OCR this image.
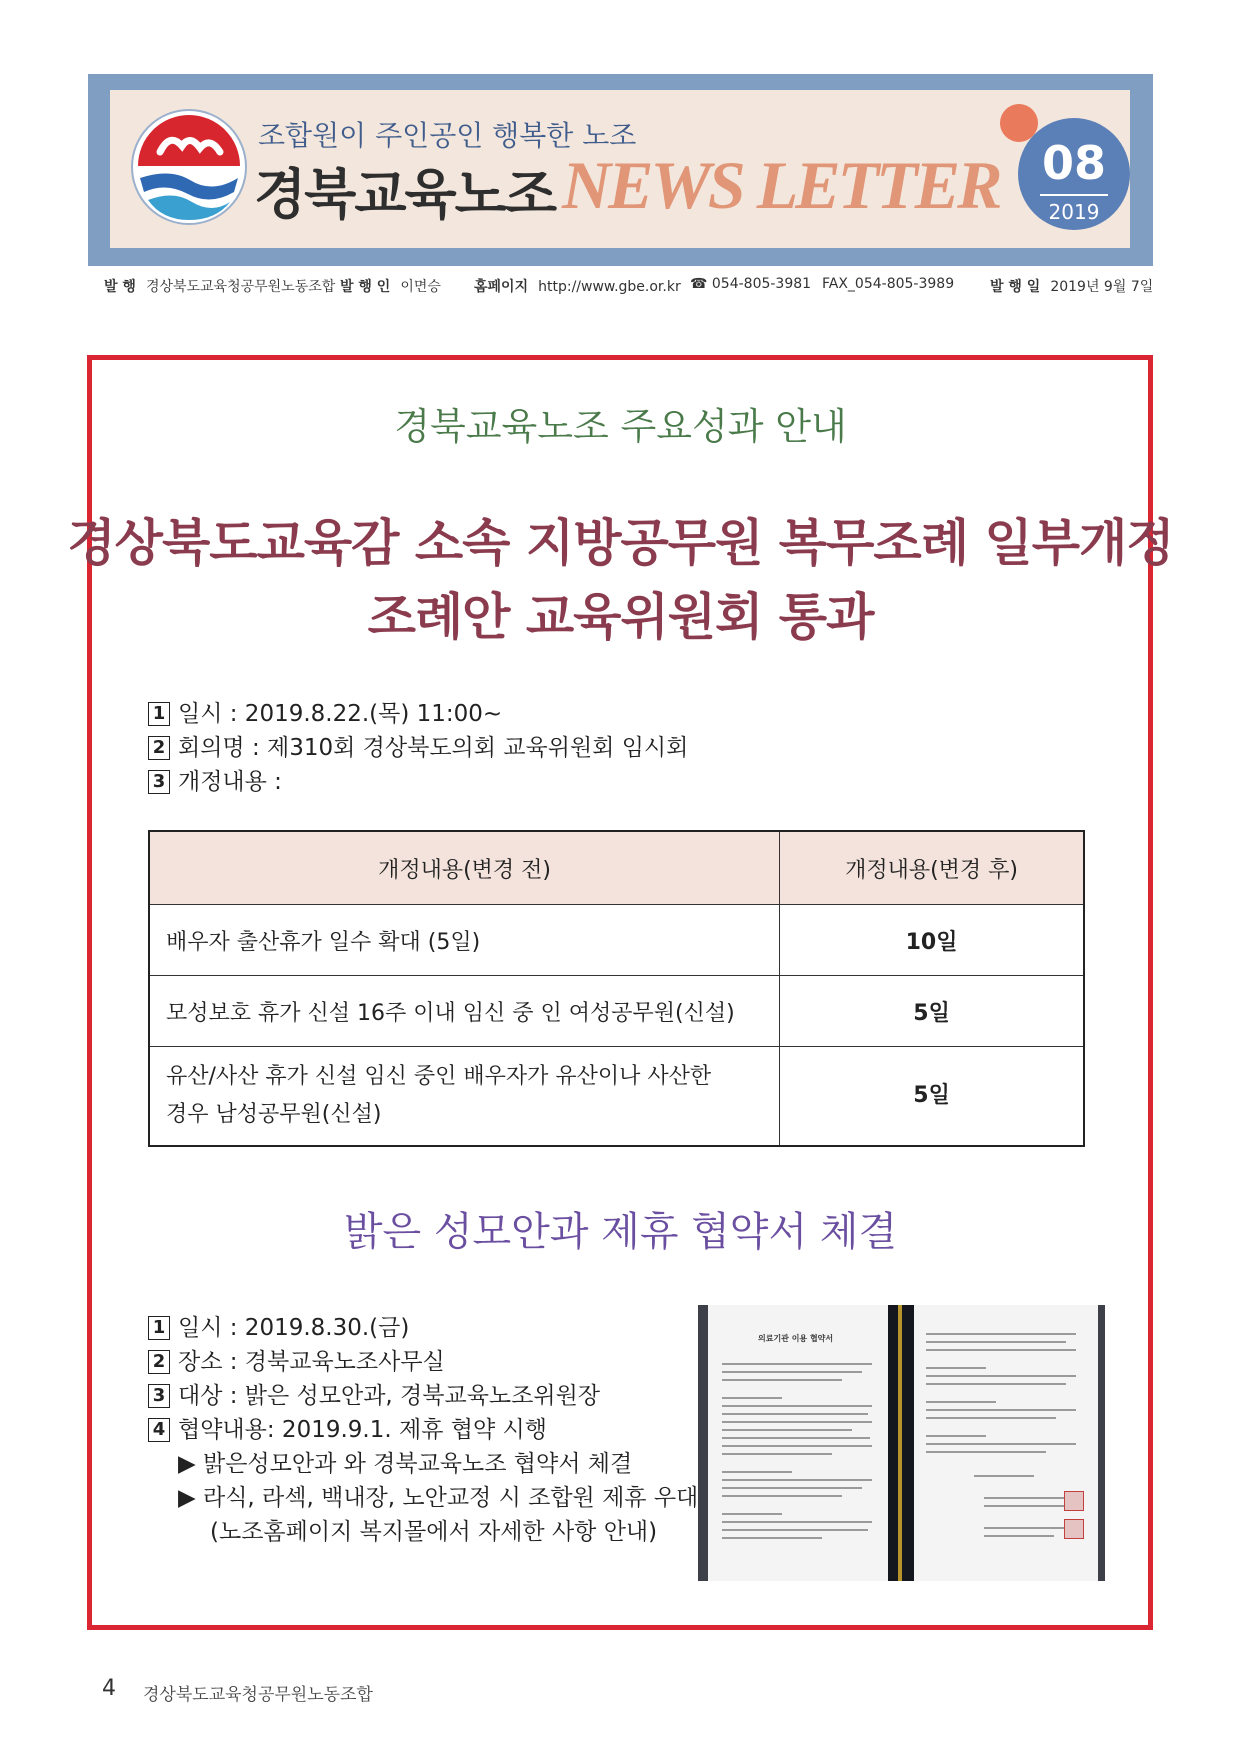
조합원이 주인공인 행복한 노조
경북교육노조 NEWS LETTER 08
2019
발 행 경상북도교육청공무원노동조합 발 행 인 이면승 홈페이지 http://www.gbe.or.kr ☎ 054-805-3981 FAX_054-805-3989	발 행 일 2019년 9월 7일
경북교육노조 주요성과 안내
경상북도교육감 소속 지방공무원 복무조례 일부개정
조례안 교육위원회 통과
1 일시 : 2019.8.22.(목) 11:00~
2 회의명 : 제310회 경상북도의회 교육위원회 임시회
3 개정내용 :
개정내용(변경 전)	개정내용(변경 후)
배우자 출산휴가 일수 확대 (5일)	10일
모성보호 휴가 신설 16주 이내 임신 중 인 여성공무원(신설)	5일

유산/사산 휴가 신설 임신 중인 배우자가 유산이나 사산한
경우 남성공무원(신설)	5일
밝은 성모안과 제휴 협약서 체결
1 일시 : 2019.8.30.(금)
2 장소 : 경북교육노조사무실
3 대상 : 밝은 성모안과, 경북교육노조위원장
4 협약내용: 2019.9.1. 제휴 협약 시행
▶ 밝은성모안과 와 경북교육노조 협약서 체결
▶ 라식, 라섹, 백내장, 노안교정 시 조합원 제휴 우대
(노조홈페이지 복지몰에서 자세한 사항 안내)
의료기관 이용 협약서
4 경상북도교육청공무원노동조합
